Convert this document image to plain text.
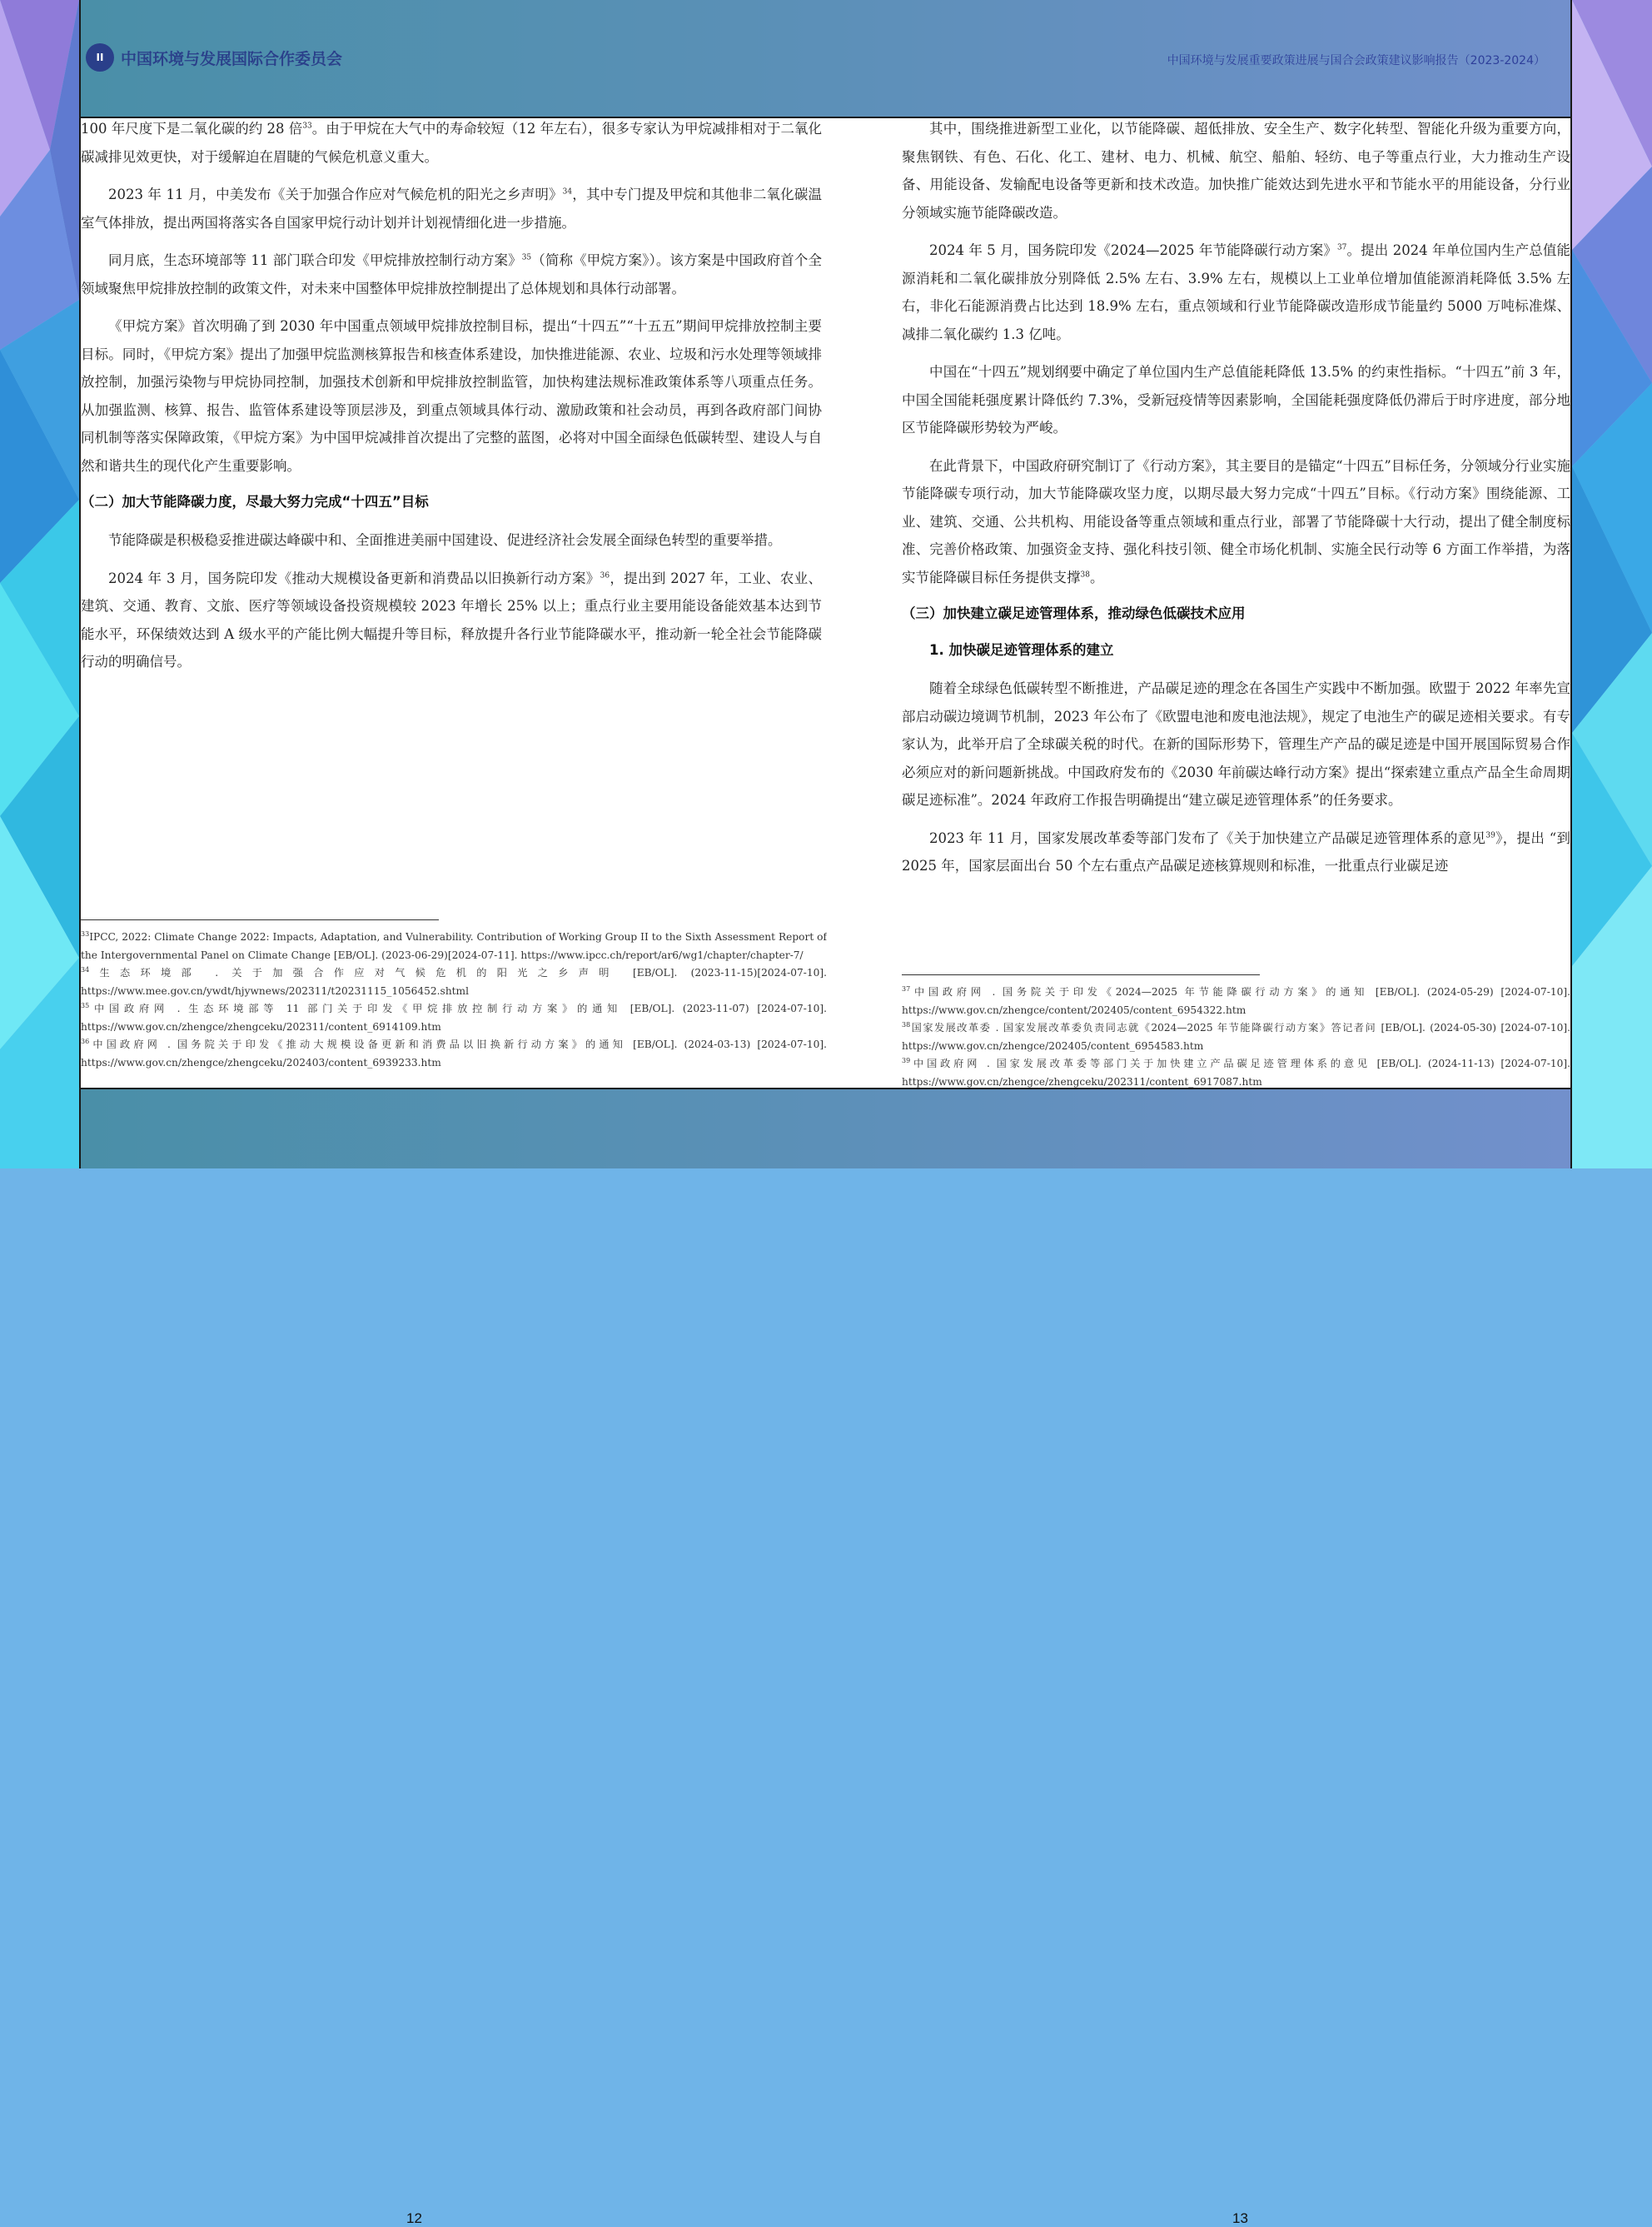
II	中国环境与发展国际合作委员会	中国环境与发展重要政策进展与国合会政策建议影响报告（2023-2024）

100 年尺度下是二氧化碳的约 28 倍$^{33}$。由于甲烷在大气中的寿命较短（12 年左右），很多专家认为甲烷减排相对于二氧化碳减排见效更快，对于缓解迫在眉睫的气候危机意义重大。

2023 年 11 月，中美发布《关于加强合作应对气候危机的阳光之乡声明》$^{34}$，其中专门提及甲烷和其他非二氧化碳温室气体排放，提出两国将落实各自国家甲烷行动计划并计划视情细化进一步措施。

同月底，生态环境部等 11 部门联合印发《甲烷排放控制行动方案》$^{35}$（简称《甲烷方案》）。该方案是中国政府首个全领域聚焦甲烷排放控制的政策文件，对未来中国整体甲烷排放控制提出了总体规划和具体行动部署。

《甲烷方案》首次明确了到 2030 年中国重点领域甲烷排放控制目标，提出“十四五”“十五五”期间甲烷排放控制主要目标。同时，《甲烷方案》提出了加强甲烷监测核算报告和核查体系建设，加快推进能源、农业、垃圾和污水处理等领域排放控制，加强污染物与甲烷协同控制，加强技术创新和甲烷排放控制监管，加快构建法规标准政策体系等八项重点任务。从加强监测、核算、报告、监管体系建设等顶层涉及，到重点领域具体行动、激励政策和社会动员，再到各政府部门间协同机制等落实保障政策，《甲烷方案》为中国甲烷减排首次提出了完整的蓝图，必将对中国全面绿色低碳转型、建设人与自然和谐共生的现代化产生重要影响。

（二）加大节能降碳力度，尽最大努力完成“十四五”目标

节能降碳是积极稳妥推进碳达峰碳中和、全面推进美丽中国建设、促进经济社会发展全面绿色转型的重要举措。

2024 年 3 月，国务院印发《推动大规模设备更新和消费品以旧换新行动方案》$^{36}$，提出到 2027 年，工业、农业、建筑、交通、教育、文旅、医疗等领域设备投资规模较 2023 年增长 25% 以上；重点行业主要用能设备能效基本达到节能水平，环保绩效达到 A 级水平的产能比例大幅提升等目标，释放提升各行业节能降碳水平，推动新一轮全社会节能降碳行动的明确信号。

$^{33}$IPCC, 2022: Climate Change 2022: Impacts, Adaptation, and Vulnerability. Contribution of Working Group II to the Sixth Assessment Report of the Intergovernmental Panel on Climate Change [EB/OL]. (2023-06-29)[2024-07-11]. https://www.ipcc.ch/report/ar6/wg1/chapter/chapter-7/

$^{34}$生态环境部 . 关于加强合作应对气候危机的阳光之乡声明 [EB/OL]. (2023-11-15)[2024-07-10]. https://www.mee.gov.cn/ywdt/hjywnews/202311/t20231115_1056452.shtml

$^{35}$中国政府网 . 生态环境部等 11 部门关于印发《甲烷排放控制行动方案》的通知 [EB/OL]. (2023-11-07) [2024-07-10]. https://www.gov.cn/zhengce/zhengceku/202311/content_6914109.htm

$^{36}$中国政府网 . 国务院关于印发《推动大规模设备更新和消费品以旧换新行动方案》的通知 [EB/OL]. (2024-03-13) [2024-07-10]. https://www.gov.cn/zhengce/zhengceku/202403/content_6939233.htm

其中，围绕推进新型工业化，以节能降碳、超低排放、安全生产、数字化转型、智能化升级为重要方向，聚焦钢铁、有色、石化、化工、建材、电力、机械、航空、船舶、轻纺、电子等重点行业，大力推动生产设备、用能设备、发输配电设备等更新和技术改造。加快推广能效达到先进水平和节能水平的用能设备，分行业分领域实施节能降碳改造。

2024 年 5 月，国务院印发《2024—2025 年节能降碳行动方案》$^{37}$。提出 2024 年单位国内生产总值能源消耗和二氧化碳排放分别降低 2.5% 左右、3.9% 左右，规模以上工业单位增加值能源消耗降低 3.5% 左右，非化石能源消费占比达到 18.9% 左右，重点领域和行业节能降碳改造形成节能量约 5000 万吨标准煤、减排二氧化碳约 1.3 亿吨。

中国在“十四五”规划纲要中确定了单位国内生产总值能耗降低 13.5% 的约束性指标。“十四五”前 3 年，中国全国能耗强度累计降低约 7.3%，受新冠疫情等因素影响，全国能耗强度降低仍滞后于时序进度，部分地区节能降碳形势较为严峻。

在此背景下，中国政府研究制订了《行动方案》，其主要目的是锚定“十四五”目标任务，分领域分行业实施节能降碳专项行动，加大节能降碳攻坚力度，以期尽最大努力完成“十四五”目标。《行动方案》围绕能源、工业、建筑、交通、公共机构、用能设备等重点领域和重点行业，部署了节能降碳十大行动，提出了健全制度标准、完善价格政策、加强资金支持、强化科技引领、健全市场化机制、实施全民行动等 6 方面工作举措，为落实节能降碳目标任务提供支撑$^{38}$。

（三）加快建立碳足迹管理体系，推动绿色低碳技术应用
1. 加快碳足迹管理体系的建立

随着全球绿色低碳转型不断推进，产品碳足迹的理念在各国生产实践中不断加强。欧盟于 2022 年率先宣部启动碳边境调节机制，2023 年公布了《欧盟电池和废电池法规》，规定了电池生产的碳足迹相关要求。有专家认为，此举开启了全球碳关税的时代。在新的国际形势下，管理生产产品的碳足迹是中国开展国际贸易合作必须应对的新问题新挑战。中国政府发布的《2030 年前碳达峰行动方案》提出“探索建立重点产品全生命周期碳足迹标准”。2024 年政府工作报告明确提出“建立碳足迹管理体系”的任务要求。

2023 年 11 月，国家发展改革委等部门发布了《关于加快建立产品碳足迹管理体系的意见$^{39}$》，提出 “到 2025 年，国家层面出台 50 个左右重点产品碳足迹核算规则和标准，一批重点行业碳足迹

$^{37}$中国政府网 . 国务院关于印发《2024—2025 年节能降碳行动方案》的通知 [EB/OL]. (2024-05-29) [2024-07-10]. https://www.gov.cn/zhengce/content/202405/content_6954322.htm

$^{38}$国家发展改革委 . 国家发展改革委负责同志就《2024—2025 年节能降碳行动方案》答记者问 [EB/OL]. (2024-05-30) [2024-07-10]. https://www.gov.cn/zhengce/202405/content_6954583.htm

$^{39}$中国政府网 . 国家发展改革委等部门关于加快建立产品碳足迹管理体系的意见 [EB/OL]. (2024-11-13) [2024-07-10]. https://www.gov.cn/zhengce/zhengceku/202311/content_6917087.htm

12	13
